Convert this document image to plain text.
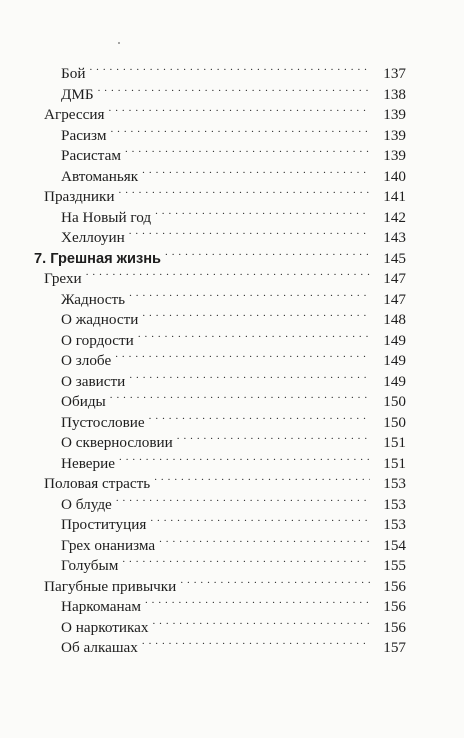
Бой . . .	137
ДМБ . . .	138
Агрессия . . .	139
Расизм . . .	139
Расистам . . .	139
Автоманьяк . . .	140
Праздники . . .	141
На Новый год . . .	142
Хеллоуин . . .	143
7. Грешная жизнь . . .	145
Грехи . . .	147
Жадность . . .	147
О жадности . . .	148
О гордости . . .	149
О злобе . . .	149
О зависти . . .	149
Обиды . . .	150
Пустословие . . .	150
О сквернословии . . .	151
Неверие . . .	151
Половая страсть . . .	153
О блуде . . .	153
Проституция . . .	153
Грех онанизма . . .	154
Голубым . . .	155
Пагубные привычки . . .	156
Наркоманам . . .	156
О наркотиках . . .	156
Об алкашах . . .	157
